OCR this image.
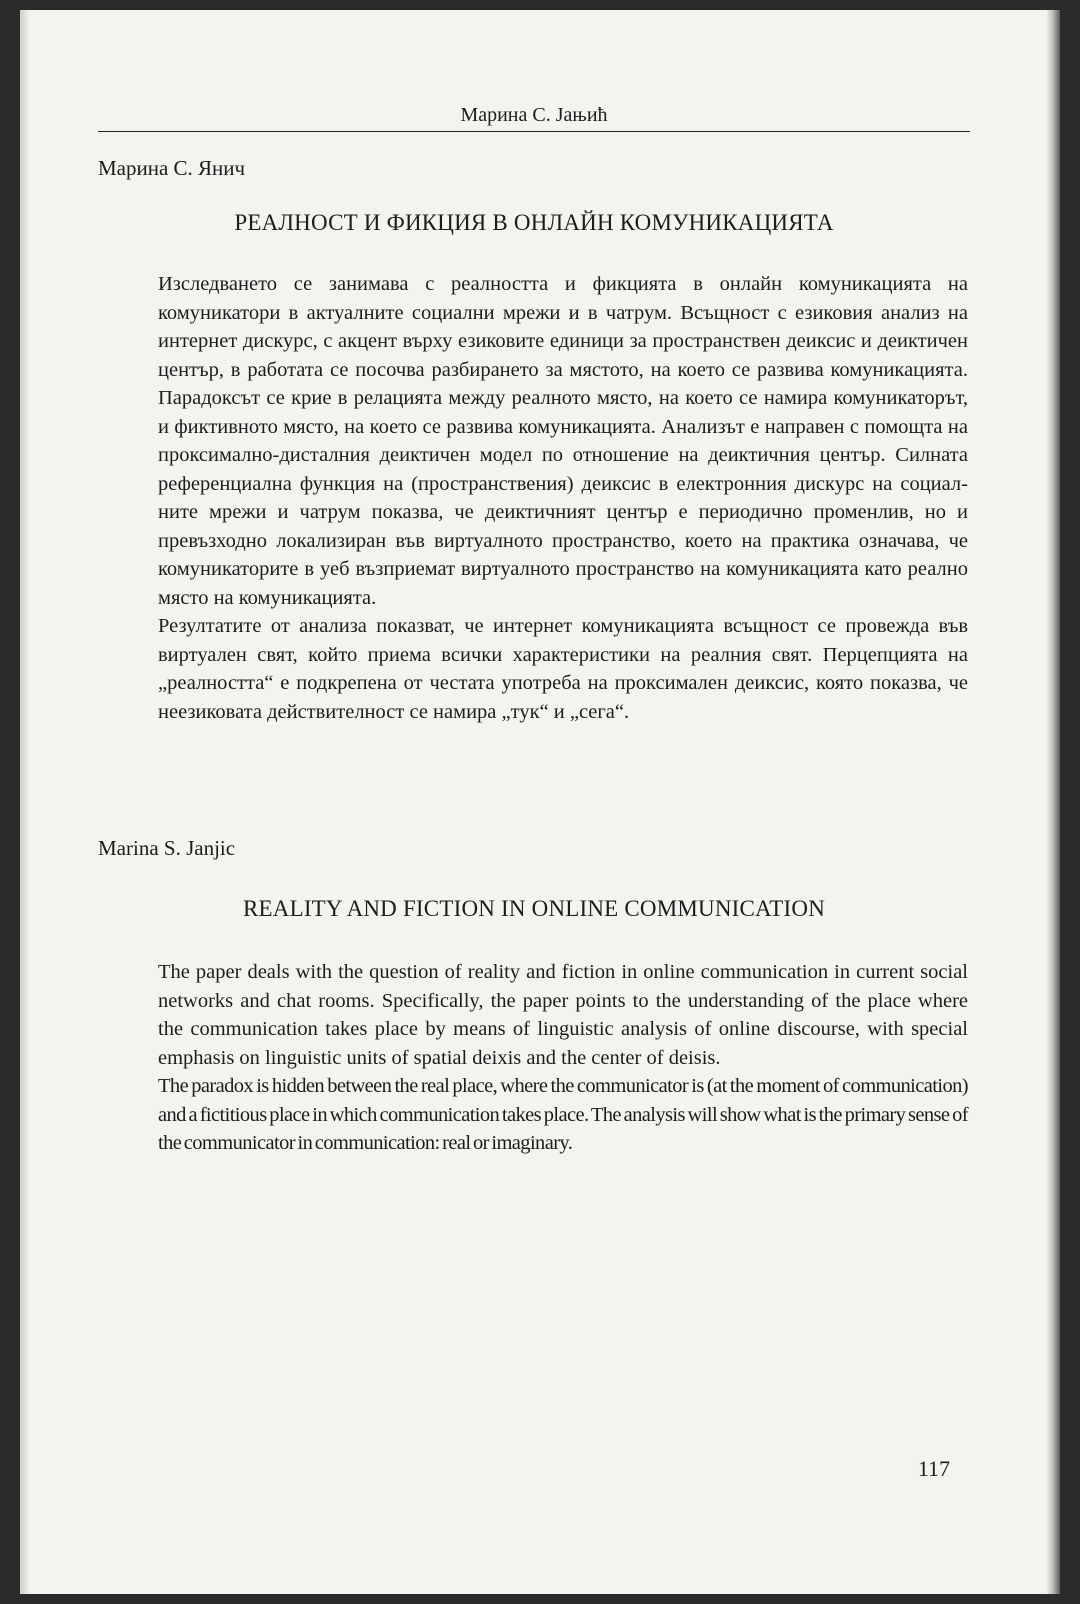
Марина С. Јањић
Марина С. Янич
РЕАЛНОСТ И ФИКЦИЯ В ОНЛАЙН КОМУНИКАЦИЯТА

Изследването се занимава с реалността и фикцията в онлайн комуникацията на комуникатори в актуалните социални мрежи и в чатрум. Всъщност с езиковия анализ на интернет дискурс, с акцент върху езиковите единици за пространствен деиксис и деиктичен център, в работата се посочва разбирането за мястото, на което се развива комуникацията. Парадоксът се крие в релацията между реалното място, на което се намира комуникаторът, и фиктивното място, на което се развива комуникацията. Анализът е направен с помощта на проксимално-дисталния деиктичен модел по отношение на деиктичния център. Силната референциална функция на (пространствения) деиксис в електронния дискурс на социалните мрежи и чатрум показва, че деиктичният център е периодично променлив, но и превъзходно локализиран във виртуалното пространство, което на практика означава, че комуникаторите в уеб възприемат виртуалното пространство на комуникацията като реално място на комуникацията.

Резултатите от анализа показват, че интернет комуникацията всъщност се провежда във виртуален свят, който приема всички характеристики на реалния свят. Перцепцията на „реалността“ е подкрепена от честата употреба на проксимален деиксис, която показва, че неезиковата действителност се намира „тук“ и „сега“.

Marina S. Janjic
REALITY AND FICTION IN ONLINE COMMUNICATION

The paper deals with the question of reality and fiction in online communication in current social networks and chat rooms. Specifically, the paper points to the understanding of the place where the communication takes place by means of linguistic analysis of online discourse, with special emphasis on linguistic units of spatial deixis and the center of deisis.

The paradox is hidden between the real place, where the communicator is (at the moment of communication) and a fictitious place in which communication takes place. The analysis will show what is the primary sense of the communicator in communication: real or imaginary.

117
